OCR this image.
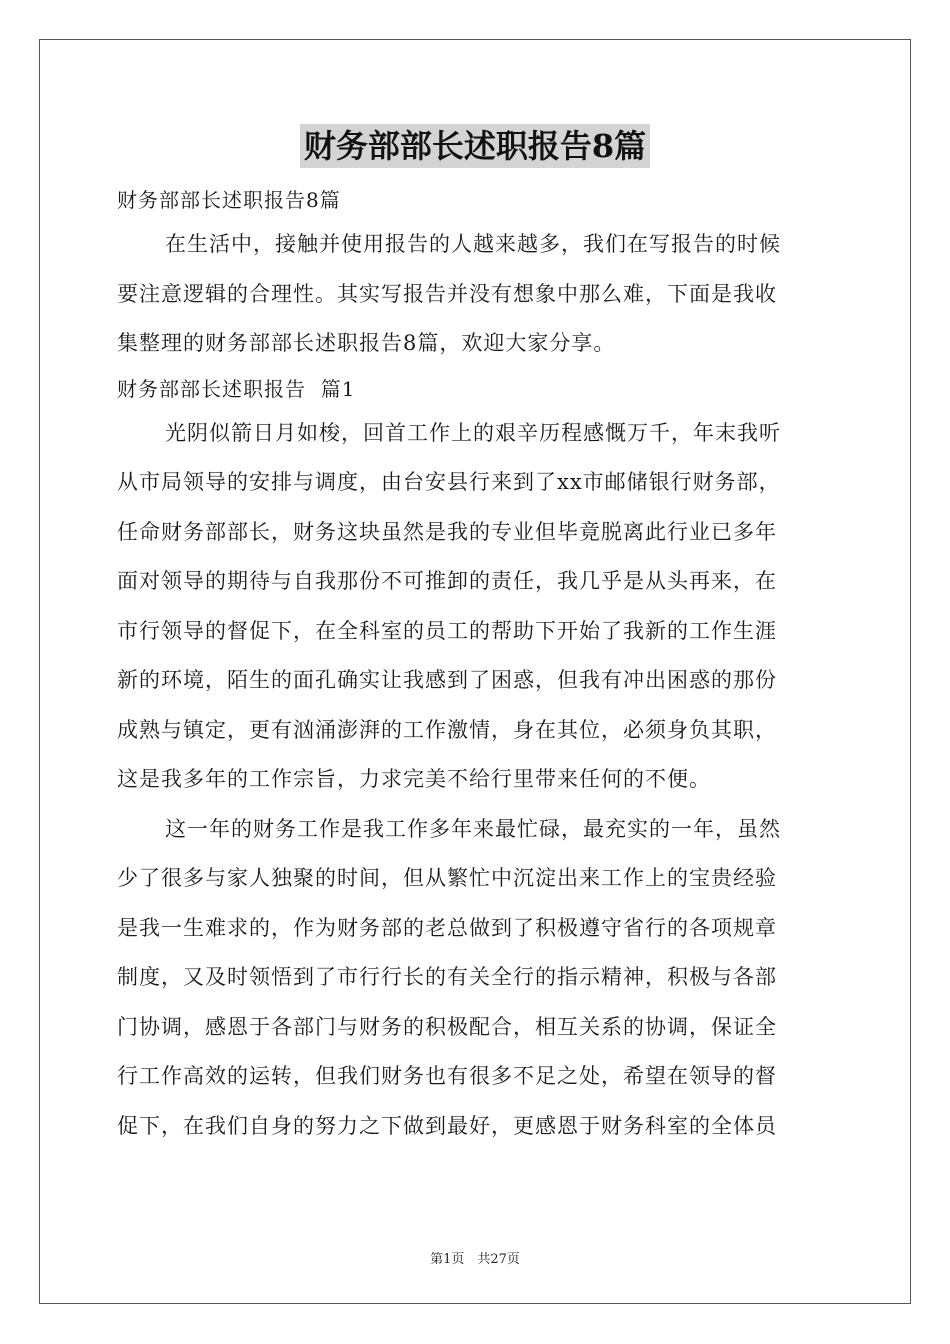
财务部部长述职报告8篇
财务部部长述职报告8篇
在生活中，接触并使用报告的人越来越多，我们在写报告的时候
要注意逻辑的合理性。其实写报告并没有想象中那么难，下面是我收
集整理的财务部部长述职报告8篇，欢迎大家分享。
财务部部长述职报告  篇1
光阴似箭日月如梭，回首工作上的艰辛历程感慨万千，年末我听
从市局领导的安排与调度，由台安县行来到了xx市邮储银行财务部，
任命财务部部长，财务这块虽然是我的专业但毕竟脱离此行业已多年
面对领导的期待与自我那份不可推卸的责任，我几乎是从头再来，在
市行领导的督促下，在全科室的员工的帮助下开始了我新的工作生涯
新的环境，陌生的面孔确实让我感到了困惑，但我有冲出困惑的那份
成熟与镇定，更有汹涌澎湃的工作激情，身在其位，必须身负其职，
这是我多年的工作宗旨，力求完美不给行里带来任何的不便。
这一年的财务工作是我工作多年来最忙碌，最充实的一年，虽然
少了很多与家人独聚的时间，但从繁忙中沉淀出来工作上的宝贵经验
是我一生难求的，作为财务部的老总做到了积极遵守省行的各项规章
制度，又及时领悟到了市行行长的有关全行的指示精神，积极与各部
门协调，感恩于各部门与财务的积极配合，相互关系的协调，保证全
行工作高效的运转，但我们财务也有很多不足之处，希望在领导的督
促下，在我们自身的努力之下做到最好，更感恩于财务科室的全体员
第1页　共27页
